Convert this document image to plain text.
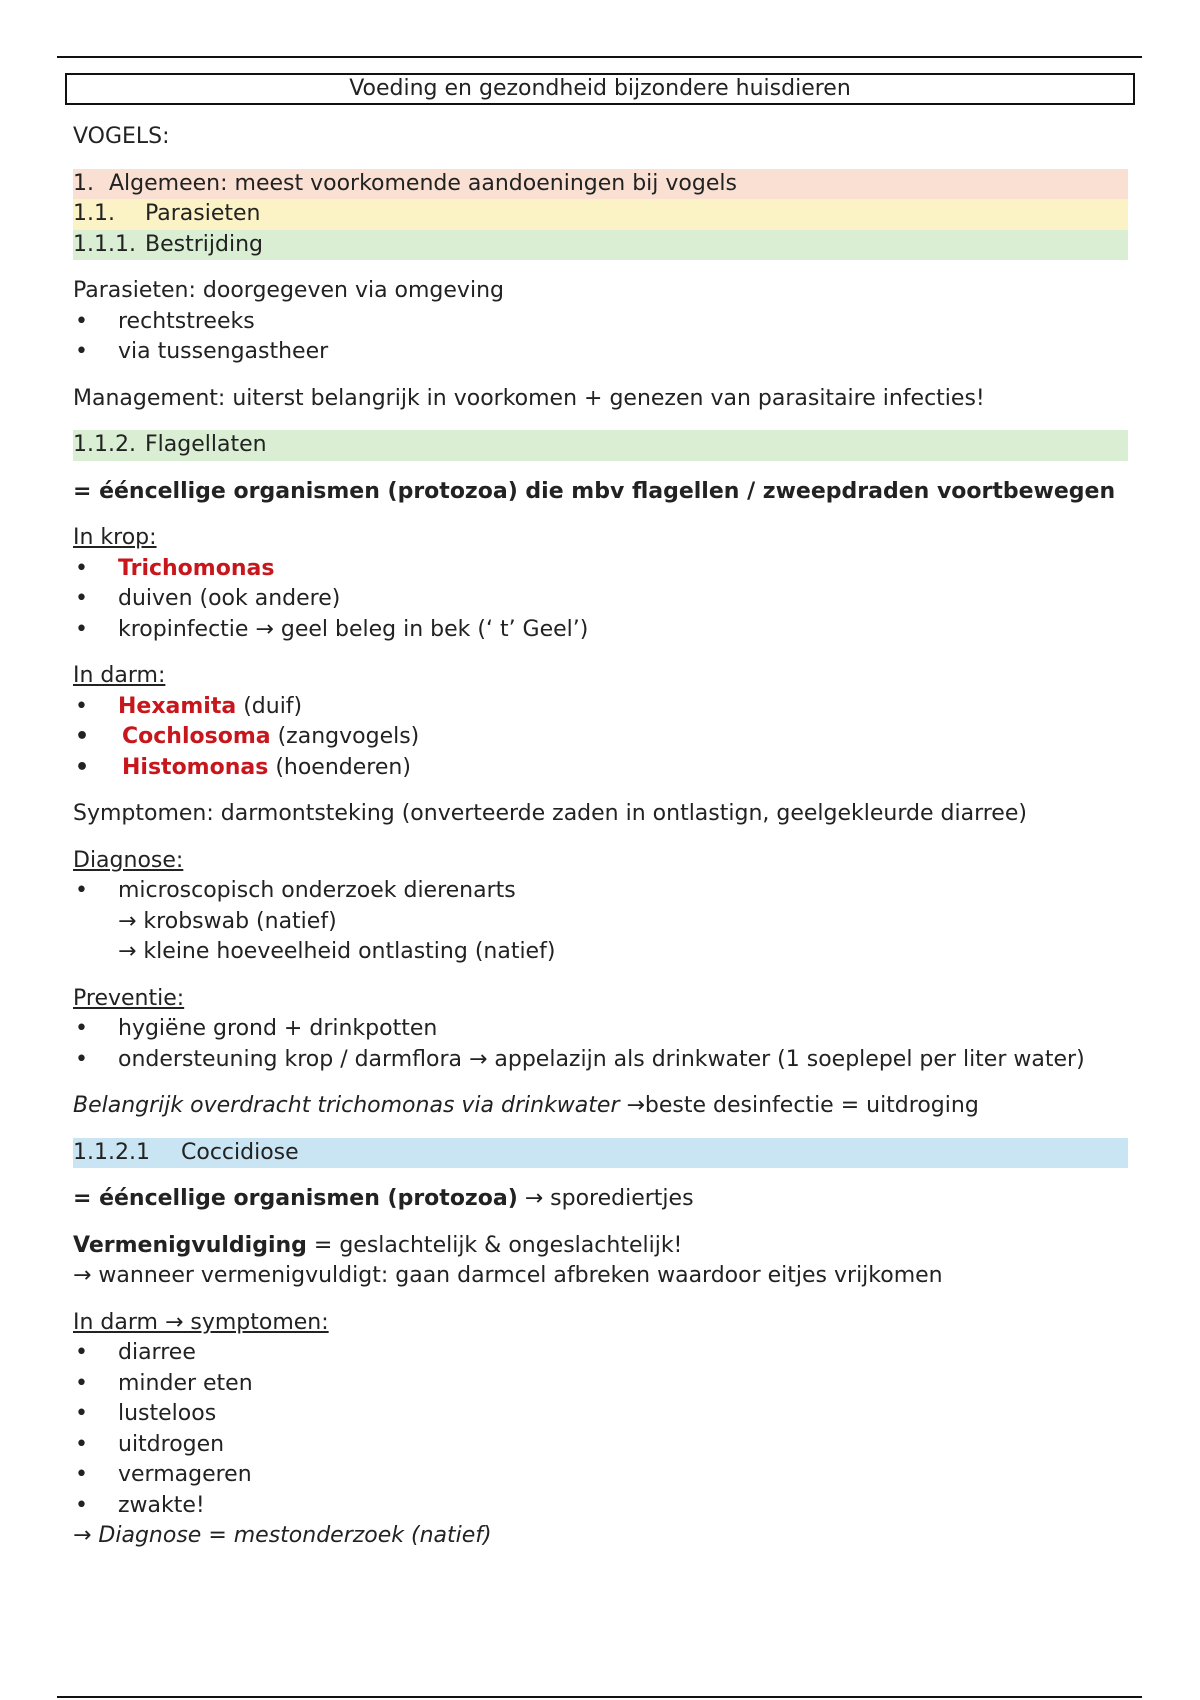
Voeding en gezondheid bijzondere huisdieren

VOGELS:

1. Algemeen: meest voorkomende aandoeningen bij vogels

1.1. Parasieten

1.1.1. Bestrijding

Parasieten: doorgegeven via omgeving

• rechtstreeks

• via tussengastheer

Management: uiterst belangrijk in voorkomen + genezen van parasitaire infecties!

1.1.2. Flagellaten

= ééncellige organismen (protozoa) die mbv flagellen / zweepdraden voortbewegen

In krop:

• Trichomonas

• duiven (ook andere)

• kropinfectie → geel beleg in bek (‘ t’ Geel’)

In darm:

• Hexamita (duif)

• Cochlosoma (zangvogels)

• Histomonas (hoenderen)

Symptomen: darmontsteking (onverteerde zaden in ontlastign, geelgekleurde diarree)

Diagnose:

• microscopisch onderzoek dierenarts

→ krobswab (natief)

→ kleine hoeveelheid ontlasting (natief)

Preventie:

• hygiëne grond + drinkpotten

• ondersteuning krop / darmflora → appelazijn als drinkwater (1 soeplepel per liter water)

Belangrijk overdracht trichomonas via drinkwater →beste desinfectie = uitdroging

1.1.2.1 Coccidiose

= ééncellige organismen (protozoa) → sporediertjes

Vermenigvuldiging = geslachtelijk & ongeslachtelijk!

→ wanneer vermenigvuldigt: gaan darmcel afbreken waardoor eitjes vrijkomen

In darm → symptomen:

• diarree

• minder eten

• lusteloos

• uitdrogen

• vermageren

• zwakte!

→ Diagnose = mestonderzoek (natief)
